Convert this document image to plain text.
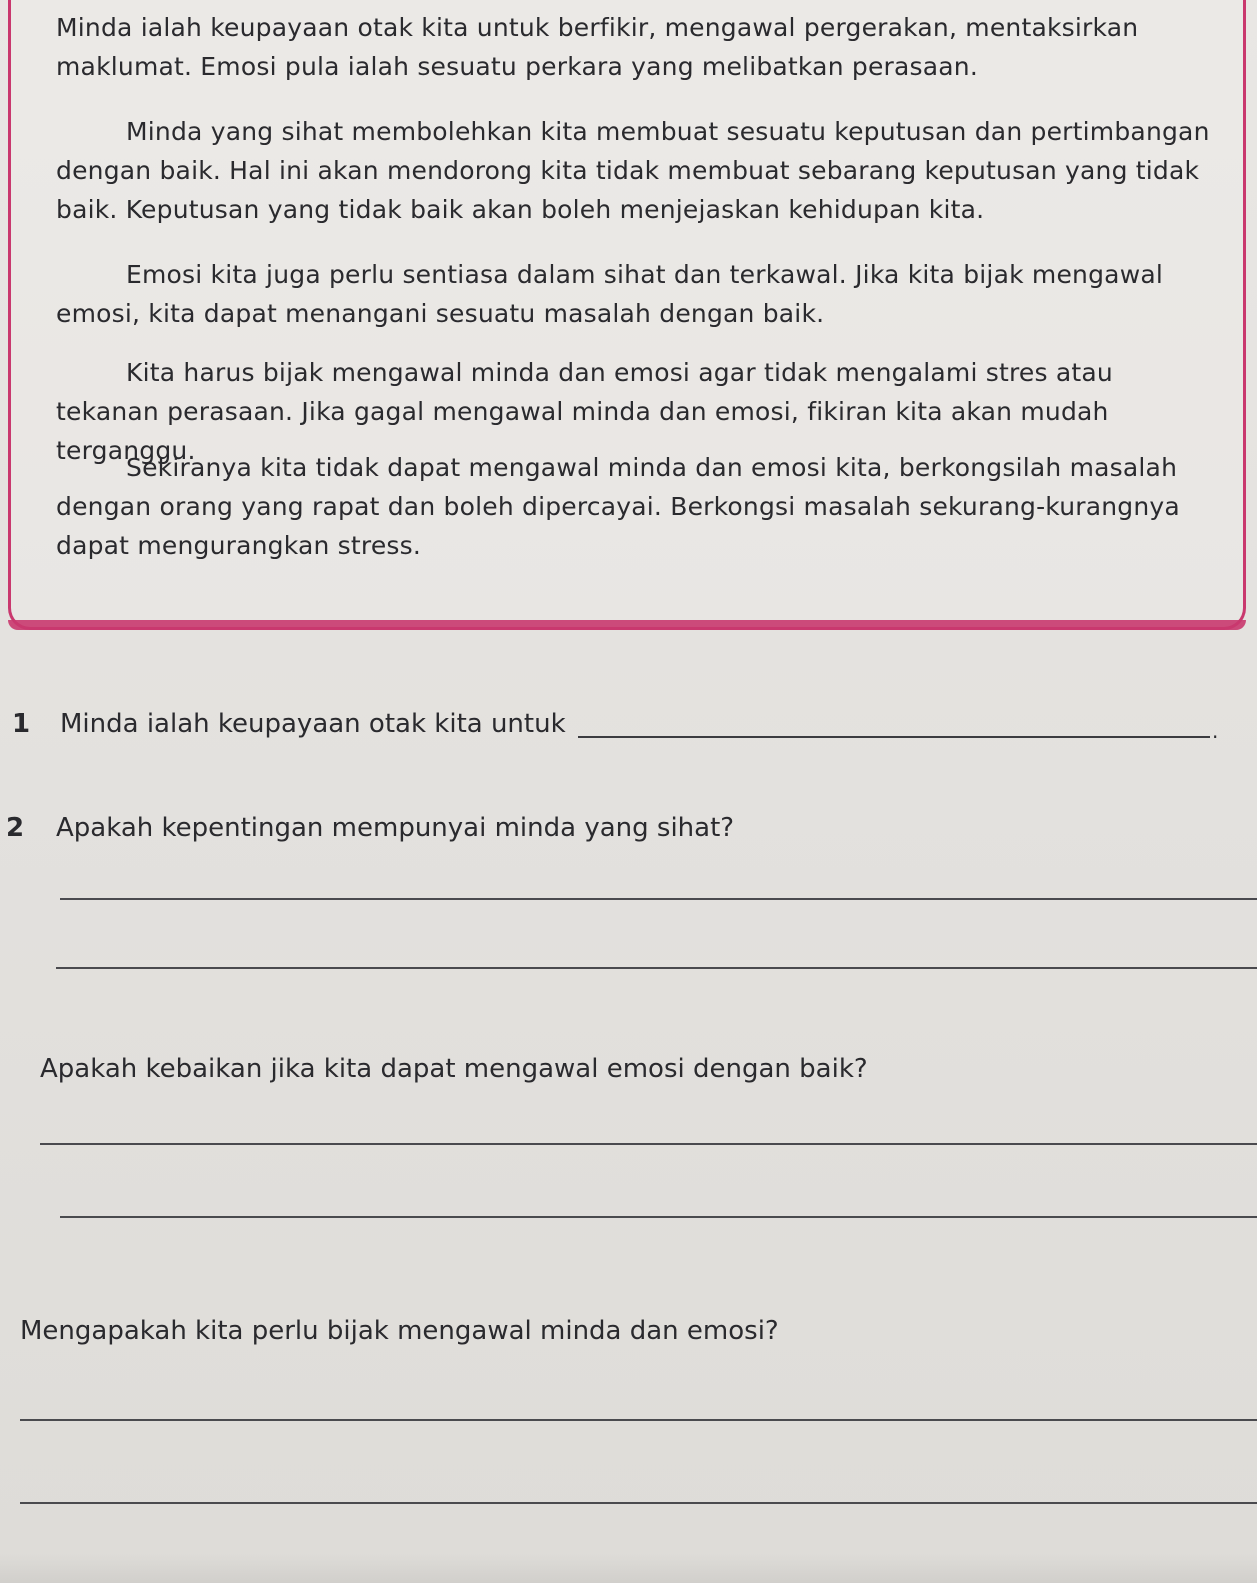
Minda ialah keupayaan otak kita untuk berfikir, mengawal pergerakan, mentaksirkan maklumat. Emosi pula ialah sesuatu perkara yang melibatkan perasaan.

Minda yang sihat membolehkan kita membuat sesuatu keputusan dan pertimbangan dengan baik. Hal ini akan mendorong kita tidak membuat sebarang keputusan yang tidak baik. Keputusan yang tidak baik akan boleh menjejaskan kehidupan kita.

Emosi kita juga perlu sentiasa dalam sihat dan terkawal. Jika kita bijak mengawal emosi, kita dapat menangani sesuatu masalah dengan baik.

Kita harus bijak mengawal minda dan emosi agar tidak mengalami stres atau tekanan perasaan. Jika gagal mengawal minda dan emosi, fikiran kita akan mudah terganggu.

Sekiranya kita tidak dapat mengawal minda dan emosi kita, berkongsilah masalah dengan orang yang rapat dan boleh dipercayai. Berkongsi masalah sekurang-kurangnya dapat mengurangkan stress.

1 Minda ialah keupayaan otak kita untuk	.
2 Apakah kepentingan mempunyai minda yang sihat?

Apakah kebaikan jika kita dapat mengawal emosi dengan baik?

Mengapakah kita perlu bijak mengawal minda dan emosi?
